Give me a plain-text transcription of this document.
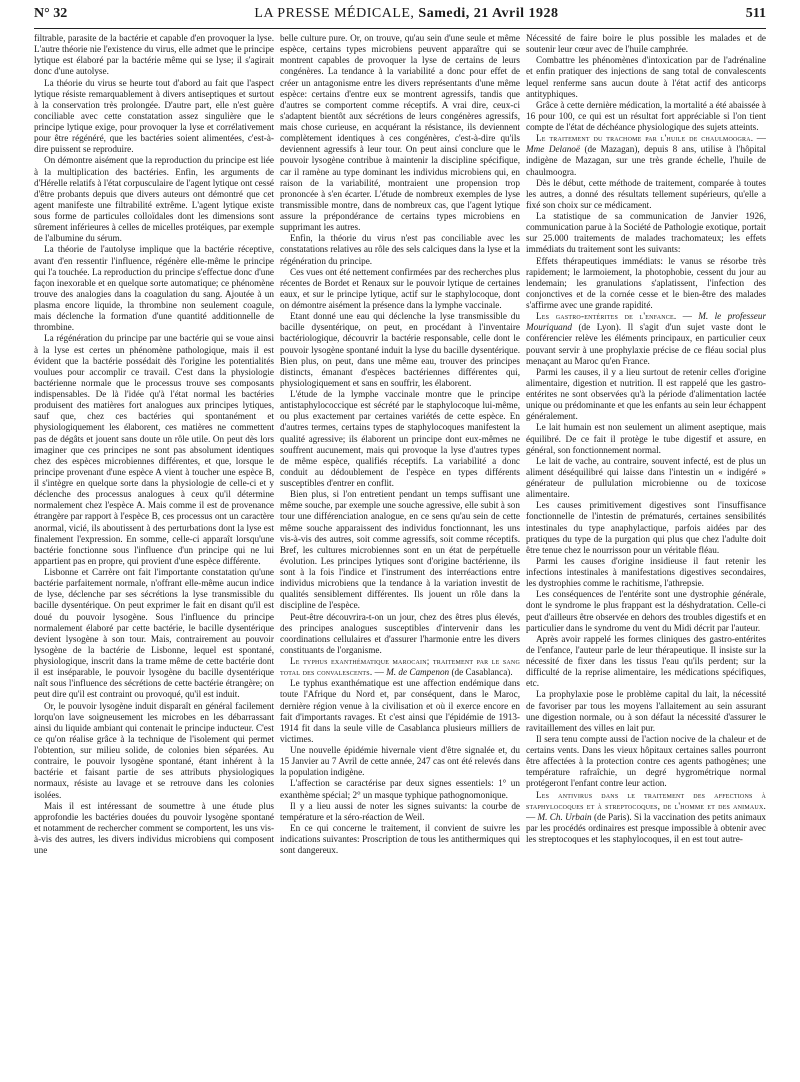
N° 32	LA PRESSE MÉDICALE, Samedi, 21 Avril 1928	511

filtrable, parasite de la bactérie et capable d'en provoquer la lyse. L'autre théorie nie l'existence du virus, elle admet que le principe lytique est élaboré par la bactérie même qui se lyse; il s'agirait donc d'une autolyse.

La théorie du virus se heurte tout d'abord au fait que l'aspect lytique résiste remarquablement à divers antiseptiques et surtout à la conservation très prolongée. D'autre part, elle n'est guère conciliable avec cette constatation assez singulière que le principe lytique exige, pour provoquer la lyse et corrélativement pour être régénéré, que les bactéries soient alimentées, c'est-à-dire puissent se reproduire.

On démontre aisément que la reproduction du principe est liée à la multiplication des bactéries. Enfin, les arguments de d'Hérelle relatifs à l'état corpusculaire de l'agent lytique ont cessé d'être probants depuis que divers auteurs ont démontré que cet agent manifeste une filtrabilité extrême. L'agent lytique existe sous forme de particules colloïdales dont les dimensions sont sûrement inférieures à celles de micelles protéiques, par exemple de l'albumine du sérum.

La théorie de l'autolyse implique que la bactérie réceptive, avant d'en ressentir l'influence, régénère elle-même le principe qui l'a touchée. La reproduction du principe s'effectue donc d'une façon inexorable et en quelque sorte automatique; ce phénomène trouve des analogies dans la coagulation du sang. Ajoutée à un plasma encore liquide, la thrombine non seulement coagule, mais déclenche la formation d'une quantité additionnelle de thrombine.

La régénération du principe par une bactérie qui se voue ainsi à la lyse est certes un phénomène pathologique, mais il est évident que la bactérie possédait dès l'origine les potentialités voulues pour accomplir ce travail. C'est dans la physiologie bactérienne normale que le processus trouve ses composants indispensables. De là l'idée qu'à l'état normal les bactéries produisent des matières fort analogues aux principes lytiques, sauf que, chez ces bactéries qui spontanément et physiologiquement les élaborent, ces matières ne commettent pas de dégâts et jouent sans doute un rôle utile. On peut dès lors imaginer que ces principes ne sont pas absolument identiques chez des espèces microbiennes différentes, et que, lorsque le principe provenant d'une espèce A vient à toucher une espèce B, il s'intègre en quelque sorte dans la physiologie de celle-ci et y déclenche des processus analogues à ceux qu'il détermine normalement chez l'espèce A. Mais comme il est de provenance étrangère par rapport à l'espèce B, ces processus ont un caractère anormal, vicié, ils aboutissent à des perturbations dont la lyse est finalement l'expression. En somme, celle-ci apparaît lorsqu'une bactérie fonctionne sous l'influence d'un principe qui ne lui appartient pas en propre, qui provient d'une espèce différente.

Lisbonne et Carrère ont fait l'importante constatation qu'une bactérie parfaitement normale, n'offrant elle-même aucun indice de lyse, déclenche par ses sécrétions la lyse transmissible du bacille dysentérique. On peut exprimer le fait en disant qu'il est doué du pouvoir lysogène. Sous l'influence du principe normalement élaboré par cette bactérie, le bacille dysentérique devient lysogène à son tour. Mais, contrairement au pouvoir lysogène de la bactérie de Lisbonne, lequel est spontané, physiologique, inscrit dans la trame même de cette bactérie dont il est inséparable, le pouvoir lysogène du bacille dysentérique naît sous l'influence des sécrétions de cette bactérie étrangère; on peut dire qu'il est contraint ou provoqué, qu'il est induit.

Or, le pouvoir lysogène induit disparaît en général facilement lorqu'on lave soigneusement les microbes en les débarrassant ainsi du liquide ambiant qui contenait le principe inducteur. C'est ce qu'on réalise grâce à la technique de l'isolement qui permet l'obtention, sur milieu solide, de colonies bien séparées. Au contraire, le pouvoir lysogène spontané, étant inhérent à la bactérie et faisant partie de ses attributs physiologiques normaux, résiste au lavage et se retrouve dans les colonies isolées.

Mais il est intéressant de soumettre à une étude plus approfondie les bactéries douées du pouvoir lysogène spontané et notamment de rechercher comment se comportent, les uns vis-à-vis des autres, les divers individus microbiens qui composent une

belle culture pure. Or, on trouve, qu'au sein d'une seule et même espèce, certains types microbiens peuvent apparaître qui se montrent capables de provoquer la lyse de certains de leurs congénères. La tendance à la variabilité a donc pour effet de créer un antagonisme entre les divers représentants d'une même espèce: certains d'entre eux se montrent agressifs, tandis que d'autres se comportent comme réceptifs. A vrai dire, ceux-ci s'adaptent bientôt aux sécrétions de leurs congénères agressifs, mais chose curieuse, en acquérant la résistance, ils deviennent complètement identiques à ces congénères, c'est-à-dire qu'ils deviennent agressifs à leur tour. On peut ainsi conclure que le pouvoir lysogène contribue à maintenir la discipline spécifique, car il ramène au type dominant les individus microbiens qui, en raison de la variabilité, montraient une propension trop prononcée à s'en écarter. L'étude de nombreux exemples de lyse transmissible montre, dans de nombreux cas, que l'agent lytique assure la prépondérance de certains types microbiens en supprimant les autres.

Enfin, la théorie du virus n'est pas conciliable avec les constatations relatives au rôle des sels calciques dans la lyse et la régénération du principe.

Ces vues ont été nettement confirmées par des recherches plus récentes de Bordet et Renaux sur le pouvoir lytique de certaines eaux, et sur le principe lytique, actif sur le staphylocoque, dont on démontre aisément la présence dans la lymphe vaccinale.

Etant donné une eau qui déclenche la lyse transmissible du bacille dysentérique, on peut, en procédant à l'inventaire bactériologique, découvrir la bactérie responsable, celle dont le pouvoir lysogène spontané induit la lyse du bacille dysentérique. Bien plus, on peut, dans une même eau, trouver des principes distincts, émanant d'espèces bactériennes différentes qui, physiologiquement et sans en souffrir, les élaborent.

L'étude de la lymphe vaccinale montre que le principe antistaphylococcique est sécrété par le staphylocoque lui-même, ou plus exactement par certaines variétés de cette espèce. En d'autres termes, certains types de staphylocoques manifestent la qualité agressive; ils élaborent un principe dont eux-mêmes ne souffrent aucunement, mais qui provoque la lyse d'autres types de même espèce, qualifiés réceptifs. La variabilité a donc conduit au dédoublement de l'espèce en types différents susceptibles d'entrer en conflit.

Bien plus, si l'on entretient pendant un temps suffisant une même souche, par exemple une souche agressive, elle subit à son tour une différenciation analogue, en ce sens qu'au sein de cette même souche apparaissent des individus fonctionnant, les uns vis-à-vis des autres, soit comme agressifs, soit comme réceptifs. Bref, les cultures microbiennes sont en un état de perpétuelle évolution. Les principes lytiques sont d'origine bactérienne, ils sont à la fois l'indice et l'instrument des interréactions entre individus microbiens que la tendance à la variation investit de qualités sensiblement différentes. Ils jouent un rôle dans la discipline de l'espèce.

Peut-être découvrira-t-on un jour, chez des êtres plus élevés, des principes analogues susceptibles d'intervenir dans les coordinations cellulaires et d'assurer l'harmonie entre les divers constituants de l'organisme.

Le typhus exanthématique marocain; traitement par le sang total des convalescents. — M. de Campenon (de Casablanca).

Le typhus exanthématique est une affection endémique dans toute l'Afrique du Nord et, par conséquent, dans le Maroc, dernière région venue à la civilisation et où il exerce encore en fait d'importants ravages. Et c'est ainsi que l'épidémie de 1913-1914 fit dans la seule ville de Casablanca plusieurs milliers de victimes.

Une nouvelle épidémie hivernale vient d'être signalée et, du 15 Janvier au 7 Avril de cette année, 247 cas ont été relevés dans la population indigène.

L'affection se caractérise par deux signes essentiels: 1° un exanthème spécial; 2° un masque typhique pathognomonique.

Il y a lieu aussi de noter les signes suivants: la courbe de température et la séro-réaction de Weil.

En ce qui concerne le traitement, il convient de suivre les indications suivantes: Proscription de tous les antithermiques qui sont dangereux.

Nécessité de faire boire le plus possible les malades et de soutenir leur cœur avec de l'huile camphrée.

Combattre les phénomènes d'intoxication par de l'adrénaline et enfin pratiquer des injections de sang total de convalescents lequel renferme sans aucun doute à l'état actif des anticorps antityphiques.

Grâce à cette dernière médication, la mortalité a été abaissée à 16 pour 100, ce qui est un résultat fort appréciable si l'on tient compte de l'état de déchéance physiologique des sujets atteints.

Le traitement du trachome par l'huile de chaulmoogra. — Mme Delanoë (de Mazagan), depuis 8 ans, utilise à l'hôpital indigène de Mazagan, sur une très grande échelle, l'huile de chaulmoogra.

Dès le début, cette méthode de traitement, comparée à toutes les autres, a donné des résultats tellement supérieurs, qu'elle a fixé son choix sur ce médicament.

La statistique de sa communication de Janvier 1926, communication parue à la Société de Pathologie exotique, portait sur 25.000 traitements de malades trachomateux; les effets immédiats du traitement sont les suivants:

Effets thérapeutiques immédiats: le vanus se résorbe très rapidement; le larmoiement, la photophobie, cessent du jour au lendemain; les granulations s'aplatissent, l'infection des conjonctives et de la cornée cesse et le bien-être des malades s'affirme avec une grande rapidité.

Les gastro-entérites de l'enfance. — M. le professeur Mouriquand (de Lyon). Il s'agit d'un sujet vaste dont le conférencier relève les éléments principaux, en particulier ceux pouvant servir à une prophylaxie précise de ce fléau social plus menaçant au Maroc qu'en France.

Parmi les causes, il y a lieu surtout de retenir celles d'origine alimentaire, digestion et nutrition. Il est rappelé que les gastro-entérites ne sont observées qu'à la période d'alimentation lactée unique ou prédominante et que les enfants au sein leur échappent généralement.

Le lait humain est non seulement un aliment aseptique, mais équilibré. De ce fait il protège le tube digestif et assure, en général, son fonctionnement normal.

Le lait de vache, au contraire, souvent infecté, est de plus un aliment déséquilibré qui laisse dans l'intestin un « indigéré » générateur de pullulation microbienne ou de toxicose alimentaire.

Les causes primitivement digestives sont l'insuffisance fonctionnelle de l'intestin de prématurés, certaines sensibilités intestinales du type anaphylactique, parfois aidées par des pratiques du type de la purgation qui plus que chez l'adulte doit être tenue chez le nourrisson pour un véritable fléau.

Parmi les causes d'origine insidieuse il faut retenir les infections intestinales à manifestations digestives secondaires, les dystrophies comme le rachitisme, l'athrepsie.

Les conséquences de l'entérite sont une dystrophie générale, dont le syndrome le plus frappant est la déshydratation. Celle-ci peut d'ailleurs être observée en dehors des troubles digestifs et en particulier dans le syndrome du vent du Midi décrit par l'auteur.

Après avoir rappelé les formes cliniques des gastro-entérites de l'enfance, l'auteur parle de leur thérapeutique. Il insiste sur la nécessité de fixer dans les tissus l'eau qu'ils perdent; sur la difficulté de la reprise alimentaire, les médications spécifiques, etc.

La prophylaxie pose le problème capital du lait, la nécessité de favoriser par tous les moyens l'allaitement au sein assurant une digestion normale, ou à son défaut la nécessité d'assurer le ravitaillement des villes en lait pur.

Il sera tenu compte aussi de l'action nocive de la chaleur et de certains vents. Dans les vieux hôpitaux certaines salles pourront être affectées à la protection contre ces agents pathogènes; une température rafraîchie, un degré hygrométrique normal protégeront l'enfant contre leur action.

Les antivirus dans le traitement des affections à staphylocoques et à streptocoques, de l'homme et des animaux. — M. Ch. Urbain (de Paris). Si la vaccination des petits animaux par les procédés ordinaires est presque impossible à obtenir avec les streptocoques et les staphylocoques, il en est tout autre-
